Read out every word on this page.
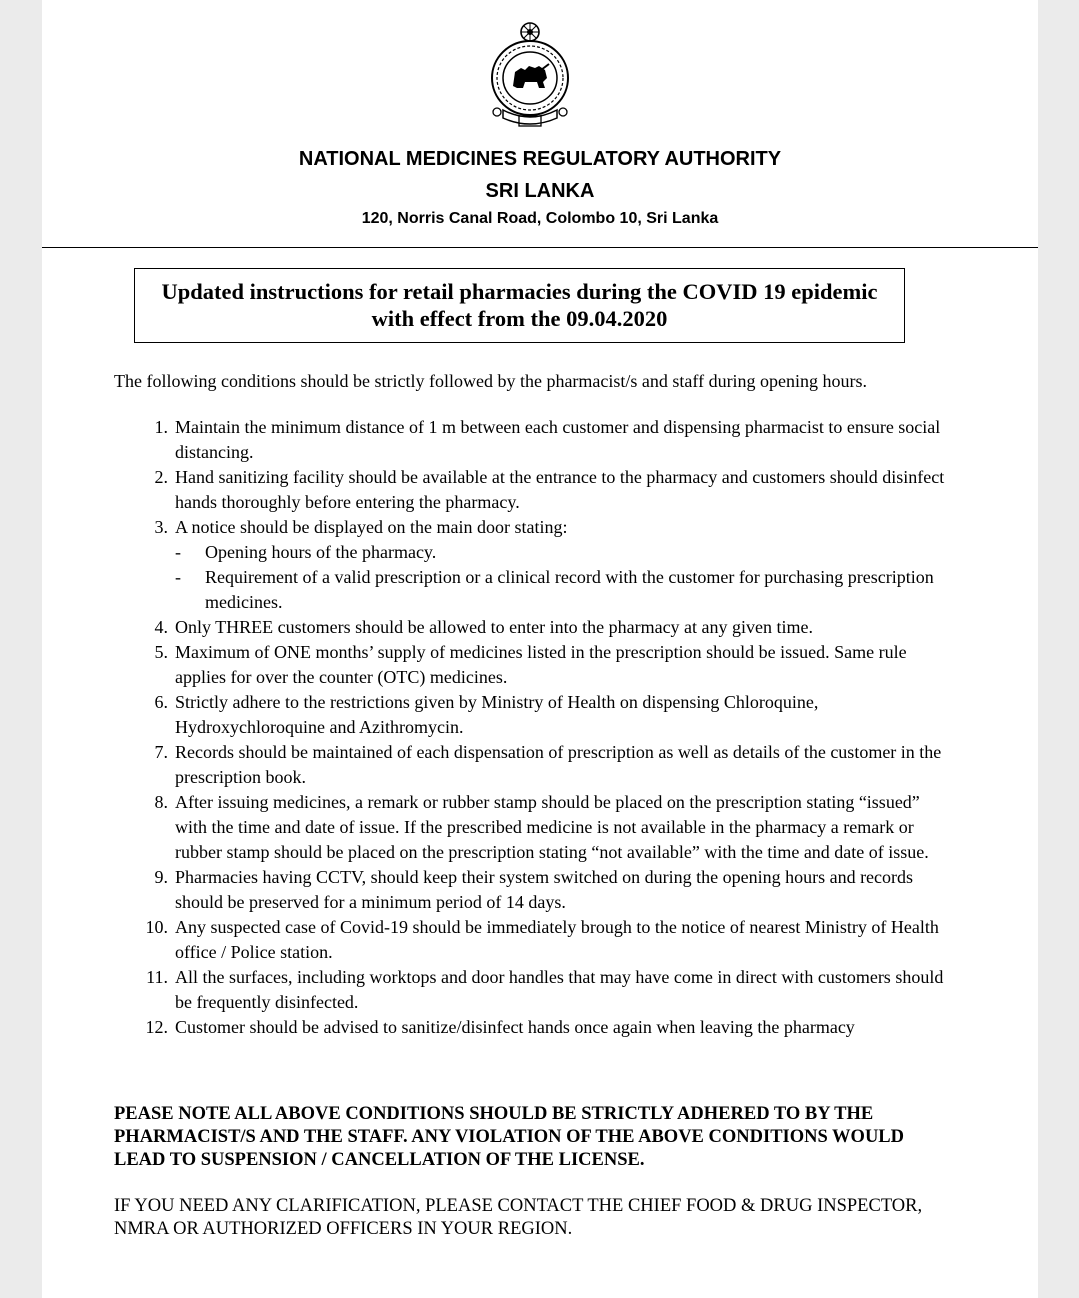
NATIONAL MEDICINES REGULATORY AUTHORITY
SRI LANKA
120, Norris Canal Road, Colombo 10, Sri Lanka
Updated instructions for retail pharmacies during the COVID 19 epidemic
with effect from the 09.04.2020
The following conditions should be strictly followed by the pharmacist/s and staff during opening hours.
1. Maintain the minimum distance of 1 m between each customer and dispensing pharmacist to ensure social distancing.
2. Hand sanitizing facility should be available at the entrance to the pharmacy and customers should disinfect hands thoroughly before entering the pharmacy.
3. A notice should be displayed on the main door stating:
- Opening hours of the pharmacy.
- Requirement of a valid prescription or a clinical record with the customer for purchasing prescription medicines.
4. Only THREE customers should be allowed to enter into the pharmacy at any given time.
5. Maximum of ONE months’ supply of medicines listed in the prescription should be issued. Same rule applies for over the counter (OTC) medicines.
6. Strictly adhere to the restrictions given by Ministry of Health on dispensing Chloroquine, Hydroxychloroquine and Azithromycin.
7. Records should be maintained of each dispensation of prescription as well as details of the customer in the prescription book.
8. After issuing medicines, a remark or rubber stamp should be placed on the prescription stating “issued” with the time and date of issue. If the prescribed medicine is not available in the pharmacy a remark or rubber stamp should be placed on the prescription stating “not available” with the time and date of issue.
9. Pharmacies having CCTV, should keep their system switched on during the opening hours and records should be preserved for a minimum period of 14 days.
10. Any suspected case of Covid-19 should be immediately brough to the notice of nearest Ministry of Health office / Police station.
11. All the surfaces, including worktops and door handles that may have come in direct with customers should be frequently disinfected.
12. Customer should be advised to sanitize/disinfect hands once again when leaving the pharmacy
PEASE NOTE ALL ABOVE CONDITIONS SHOULD BE STRICTLY ADHERED TO BY THE PHARMACIST/S AND THE STAFF. ANY VIOLATION OF THE ABOVE CONDITIONS WOULD LEAD TO SUSPENSION / CANCELLATION OF THE LICENSE.
IF YOU NEED ANY CLARIFICATION, PLEASE CONTACT THE CHIEF FOOD & DRUG INSPECTOR, NMRA OR AUTHORIZED OFFICERS IN YOUR REGION.
